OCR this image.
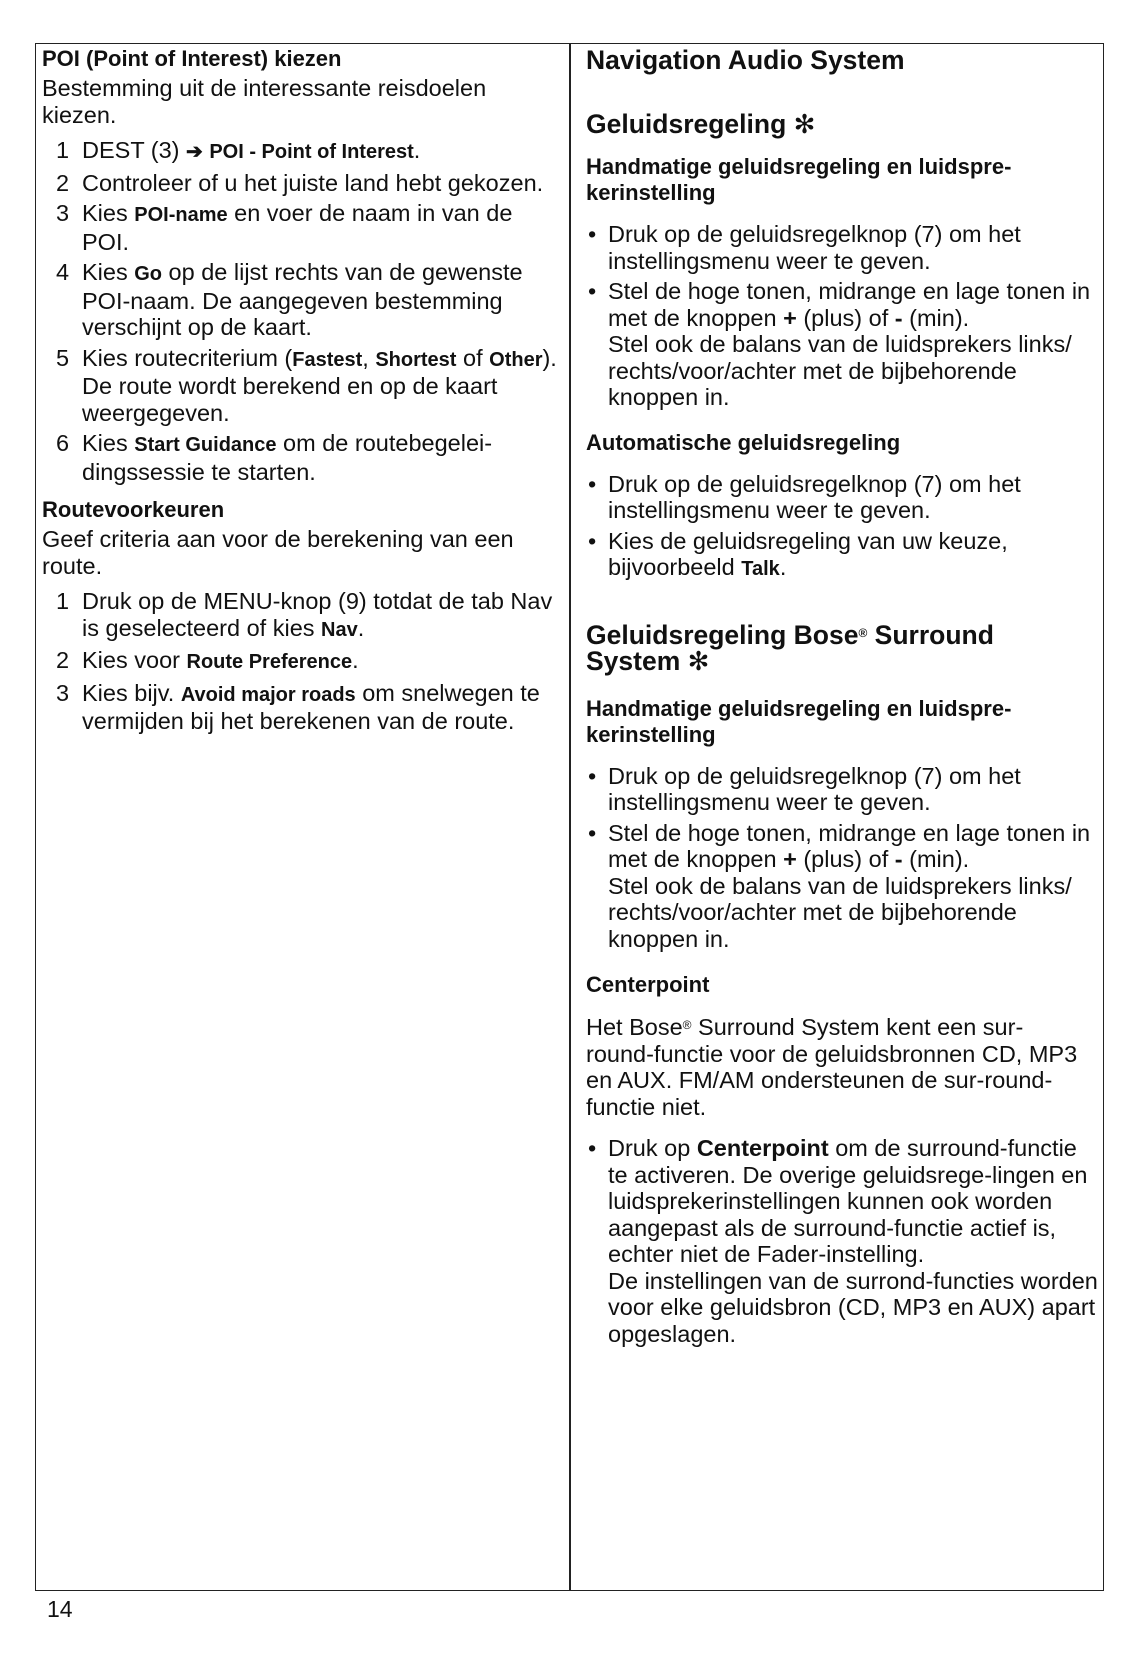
POI (Point of Interest) kiezen

Bestemming uit de interessante reisdoelen kiezen.

1 DEST (3) ➔ POI - Point of Interest.
2 Controleer of u het juiste land hebt gekozen.
3 Kies POI-name en voer de naam in van de POI.
4 Kies Go op de lijst rechts van de gewenste POI-naam. De aangegeven bestemming verschijnt op de kaart.
5 Kies routecriterium (Fastest, Shortest of Other). De route wordt berekend en op de kaart weergegeven.
6 Kies Start Guidance om de routebegelei-dingssessie te starten.

Routevoorkeuren

Geef criteria aan voor de berekening van een route.

1 Druk op de MENU-knop (9) totdat de tab Nav is geselecteerd of kies Nav.
2 Kies voor Route Preference.
3 Kies bijv. Avoid major roads om snelwegen te vermijden bij het berekenen van de route.

Navigation Audio System

Geluidsregeling ✻

Handmatige geluidsregeling en luidspre-kerinstelling

• Druk op de geluidsregelknop (7) om het instellingsmenu weer te geven.
• Stel de hoge tonen, midrange en lage tonen in met de knoppen + (plus) of - (min).
Stel ook de balans van de luidsprekers links/ rechts/voor/achter met de bijbehorende knoppen in.

Automatische geluidsregeling

• Druk op de geluidsregelknop (7) om het instellingsmenu weer te geven.
• Kies de geluidsregeling van uw keuze, bijvoorbeeld Talk.

Geluidsregeling Bose® Surround
System ✻

Handmatige geluidsregeling en luidspre-kerinstelling

• Druk op de geluidsregelknop (7) om het instellingsmenu weer te geven.
• Stel de hoge tonen, midrange en lage tonen in met de knoppen + (plus) of - (min).
Stel ook de balans van de luidsprekers links/ rechts/voor/achter met de bijbehorende knoppen in.

Centerpoint

Het Bose® Surround System kent een sur-round-functie voor de geluidsbronnen CD, MP3 en AUX. FM/AM ondersteunen de sur-round-functie niet.

• Druk op Centerpoint om de surround-functie te activeren. De overige geluidsrege-lingen en luidsprekerinstellingen kunnen ook worden aangepast als de surround-functie actief is, echter niet de Fader-instelling.
De instellingen van de surrond-functies worden voor elke geluidsbron (CD, MP3 en AUX) apart opgeslagen.
14
